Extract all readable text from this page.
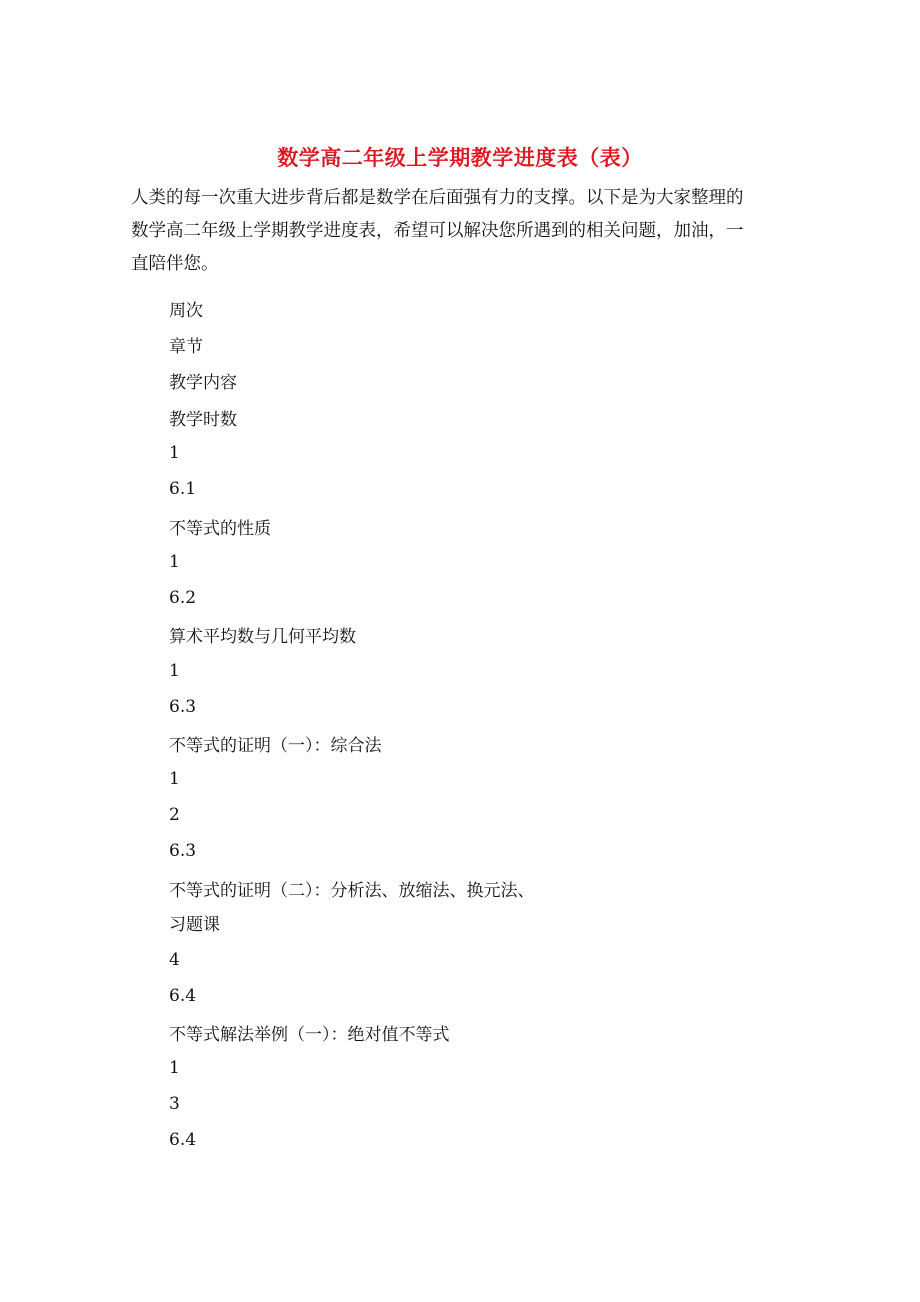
数学高二年级上学期教学进度表（表）
人类的每一次重大进步背后都是数学在后面强有力的支撑。以下是为大家整理的
数学高二年级上学期教学进度表，希望可以解决您所遇到的相关问题，加油，一
直陪伴您。
周次
章节
教学内容
教学时数
1
6.1
不等式的性质
1
6.2
算术平均数与几何平均数
1
6.3
不等式的证明（一）：综合法
1
2
6.3
不等式的证明（二）：分析法、放缩法、换元法、
习题课
4
6.4
不等式解法举例（一）：绝对值不等式
1
3
6.4
